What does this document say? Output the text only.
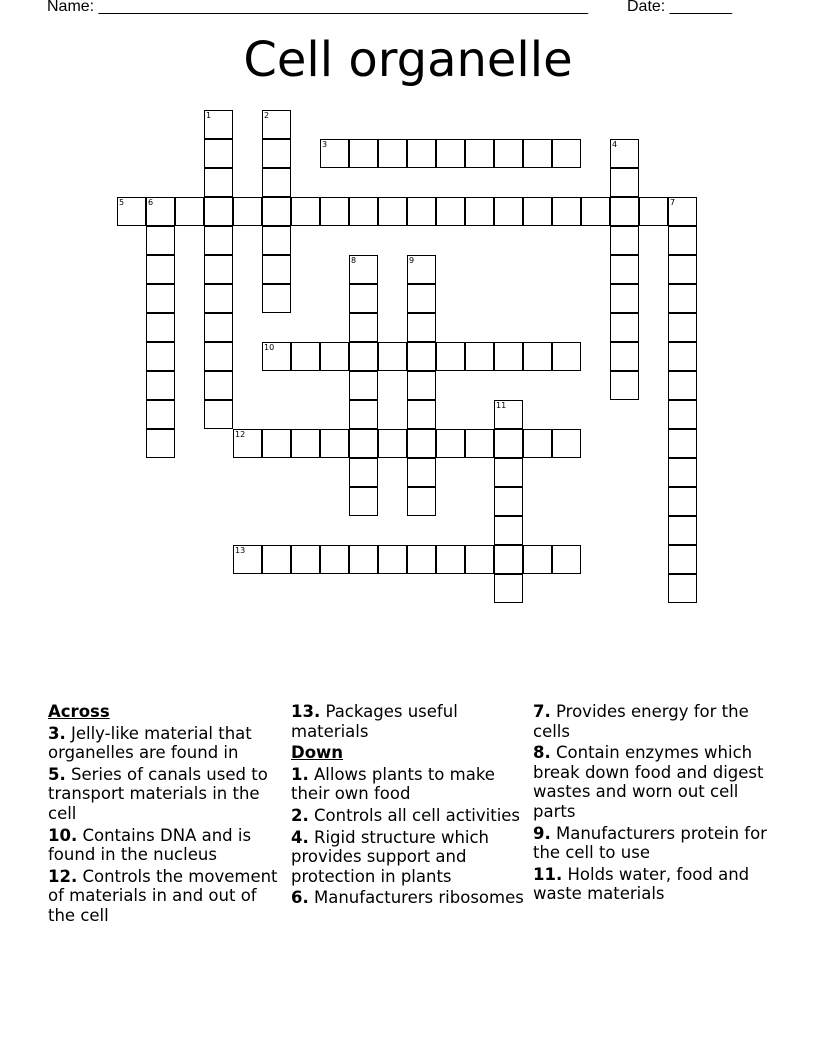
Name: _______________________________________________________ Date: _______
Cell organelle
1	2
3	4
5	6	7
8	9
10
11
12
13
Across
3. Jelly-like material that organelles are found in
5. Series of canals used to transport materials in the cell
10. Contains DNA and is found in the nucleus
12. Controls the movement of materials in and out of the cell
13. Packages useful materials
Down
1. Allows plants to make their own food
2. Controls all cell activities
4. Rigid structure which provides support and protection in plants
6. Manufacturers ribosomes
7. Provides energy for the cells
8. Contain enzymes which break down food and digest wastes and worn out cell parts
9. Manufacturers protein for the cell to use
11. Holds water, food and waste materials
